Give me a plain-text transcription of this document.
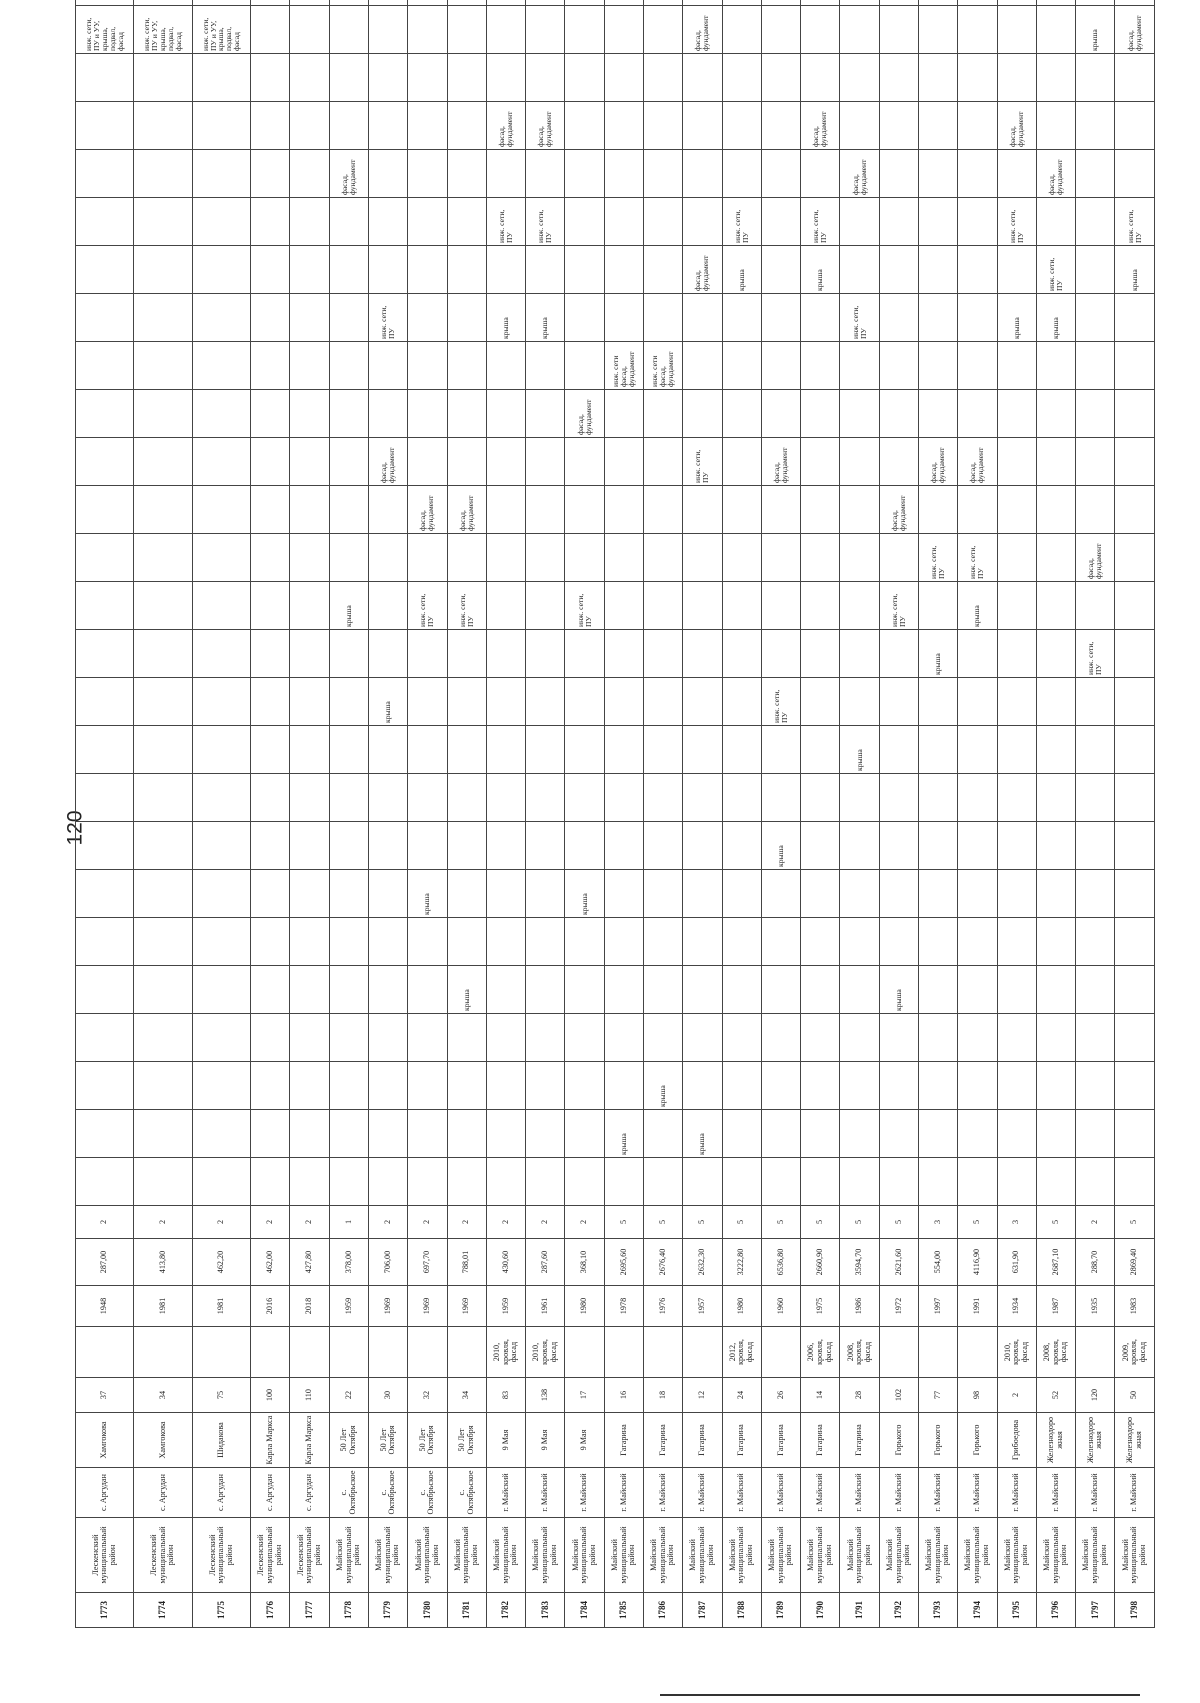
120
1773	Лескенский муниципальный район	с. Аргудан	Хамгокова	37		1948	287,00	2																									инж. сети, ПУ и УУ, крыша, подвал, фасад			
1774	Лескенский муниципальный район	с. Аргудан	Хамгокова	34		1981	413,80	2																									инж. сети, ПУ и УУ, крыша, подвал, фасад			
1775	Лескенский муниципальный район	с. Аргудан	Шидакова	75		1981	462,20	2																									инж. сети, ПУ и УУ, крыша, подвал, фасад			
1776	Лескенский муниципальный район	с. Аргудан	Карла Маркса	100		2016	462,00	2																												
1777	Лескенский муниципальный район	с. Аргудан	Карла Маркса	110		2018	427,80	2																												
1778	Майский муниципальный район	с. Октябрьское	50 Лет Октября	22		1959	378,00	1													крыша									фасад, фундамент						
1779	Майский муниципальный район	с. Октябрьское	50 Лет Октября	30		1969	706,00	2											крыша					фасад, фундамент			инж. сети, ПУ									
1780	Майский муниципальный район	с. Октябрьское	50 Лет Октября	32		1969	697,70	2							крыша						инж. сети, ПУ		фасад, фундамент													
1781	Майский муниципальный район	с. Октябрьское	50 Лет Октября	34		1969	788,01	2					крыша								инж. сети, ПУ		фасад, фундамент													
1782	Майский муниципальный район	г. Майский	9 Мая	83	2010, кровля, фасад	1959	430,60	2																			крыша		инж. сети, ПУ		фасад, фундамент					
1783	Майский муниципальный район	г. Майский	9 Мая	138	2010, кровля, фасад	1961	287,60	2																			крыша		инж. сети, ПУ		фасад, фундамент					
1784	Майский муниципальный район	г. Майский	9 Мая	17		1980	368,10	2							крыша						инж. сети, ПУ				фасад, фундамент											
1785	Майский муниципальный район	г. Майский	Гагарина	16		1978	2695,60	5		крыша																инж. сети фасад, фундамент										
1786	Майский муниципальный район	г. Майский	Гагарина	18		1976	2676,40	5			крыша															инж. сети фасад, фундамент										
1787	Майский муниципальный район	г. Майский	Гагарина	12		1957	2632,30	5		крыша														инж. сети, ПУ				фасад, фундамент					фасад, фундамент			
1788	Майский муниципальный район	г. Майский	Гагарина	24	2012, кровля, фасад	1980	3222,80	5																				крыша	инж. сети, ПУ							
1789	Майский муниципальный район	г. Майский	Гагарина	26		1960	6536,80	5								крыша			инж. сети, ПУ					фасад, фундамент												
1790	Майский муниципальный район	г. Майский	Гагарина	14	2006, кровля, фасад	1975	2660,90	5																				крыша	инж. сети, ПУ		фасад, фундамент					
1791	Майский муниципальный район	г. Майский	Гагарина	28	2008, кровля, фасад	1986	3594,70	5										крыша									инж. сети, ПУ			фасад, фундамент						
1792	Майский муниципальный район	г. Майский	Горького	102		1972	2621,60	5					крыша								инж. сети, ПУ		фасад, фундамент													
1793	Майский муниципальный район	г. Майский	Горького	77		1997	554,00	3												крыша		инж. сети, ПУ		фасад, фундамент												
1794	Майский муниципальный район	г. Майский	Горького	98		1991	4116,90	5													крыша	инж. сети, ПУ		фасад, фундамент												
1795	Майский муниципальный район	г. Майский	Грибоедова	2	2010, кровля, фасад	1934	631,90	3																			крыша		инж. сети, ПУ		фасад, фундамент					
1796	Майский муниципальный район	г. Майский	Железнодорожная	52	2008, кровля, фасад	1987	2687,10	5																			крыша	инж. сети, ПУ		фасад, фундамент						
1797	Майский муниципальный район	г. Майский	Железнодорожная	120		1935	288,70	2												инж. сети, ПУ		фасад, фундамент											крыша			
1798	Майский муниципальный район	г. Майский	Железнодорожная	50	2009, кровля, фасад	1983	2869,40	5																				крыша	инж. сети, ПУ				фасад, фундамент			
